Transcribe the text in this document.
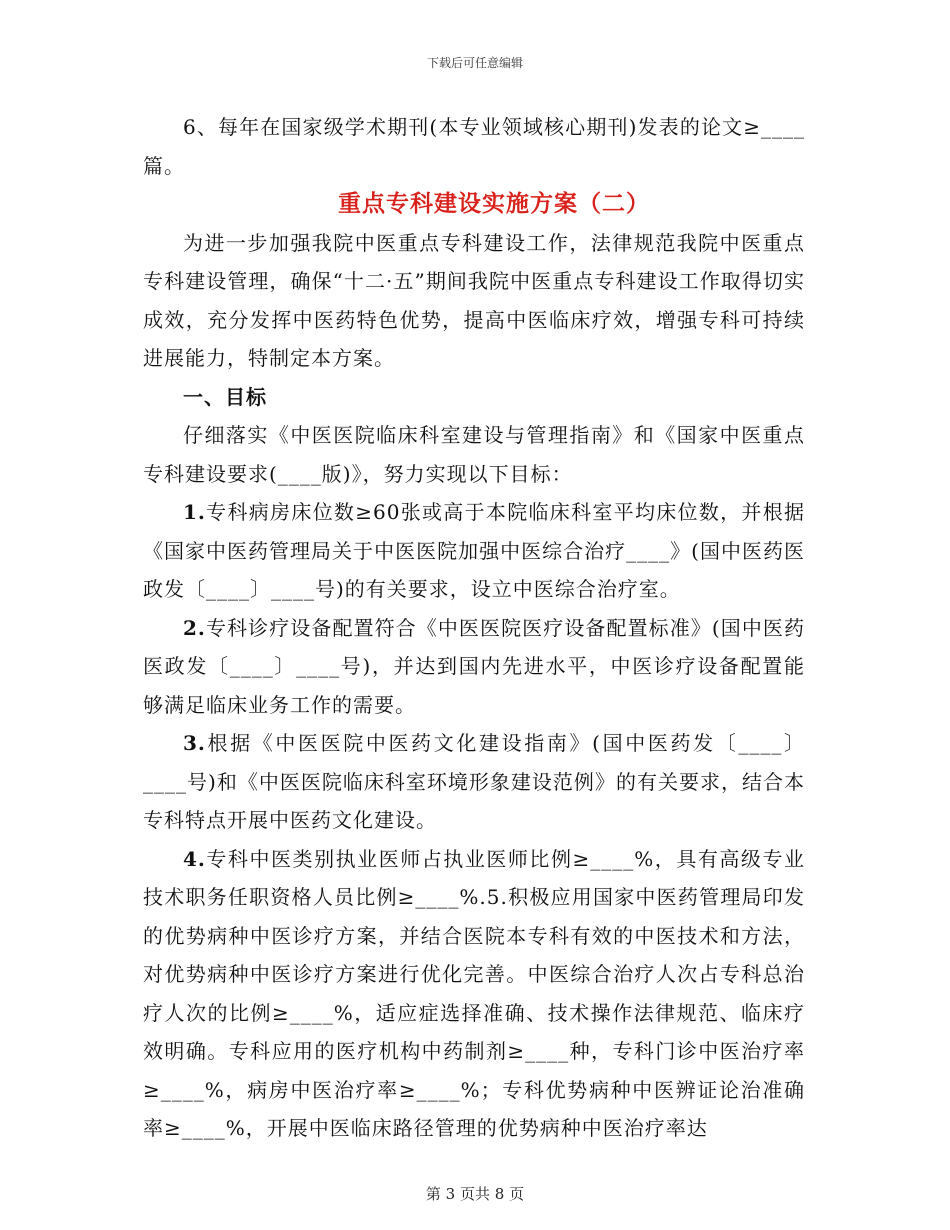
下载后可任意编辑

6、每年在国家级学术期刊(本专业领域核心期刊)发表的论文≥____篇。

重点专科建设实施方案（二）

为进一步加强我院中医重点专科建设工作，法律规范我院中医重点专科建设管理，确保“十二·五”期间我院中医重点专科建设工作取得切实成效，充分发挥中医药特色优势，提高中医临床疗效，增强专科可持续进展能力，特制定本方案。

一、目标

仔细落实《中医医院临床科室建设与管理指南》和《国家中医重点专科建设要求(____版)》，努力实现以下目标：

1.专科病房床位数≥60张或高于本院临床科室平均床位数，并根据《国家中医药管理局关于中医医院加强中医综合治疗____》(国中医药医政发〔____〕____号)的有关要求，设立中医综合治疗室。

2.专科诊疗设备配置符合《中医医院医疗设备配置标准》(国中医药医政发〔____〕____号)，并达到国内先进水平，中医诊疗设备配置能够满足临床业务工作的需要。

3.根据《中医医院中医药文化建设指南》(国中医药发〔____〕____号)和《中医医院临床科室环境形象建设范例》的有关要求，结合本专科特点开展中医药文化建设。

4.专科中医类别执业医师占执业医师比例≥____%，具有高级专业技术职务任职资格人员比例≥____%.5.积极应用国家中医药管理局印发的优势病种中医诊疗方案，并结合医院本专科有效的中医技术和方法，对优势病种中医诊疗方案进行优化完善。中医综合治疗人次占专科总治疗人次的比例≥____%，适应症选择准确、技术操作法律规范、临床疗效明确。专科应用的医疗机构中药制剂≥____种，专科门诊中医治疗率≥____%，病房中医治疗率≥____%；专科优势病种中医辨证论治准确率≥____%，开展中医临床路径管理的优势病种中医治疗率达

第 3 页共 8 页
